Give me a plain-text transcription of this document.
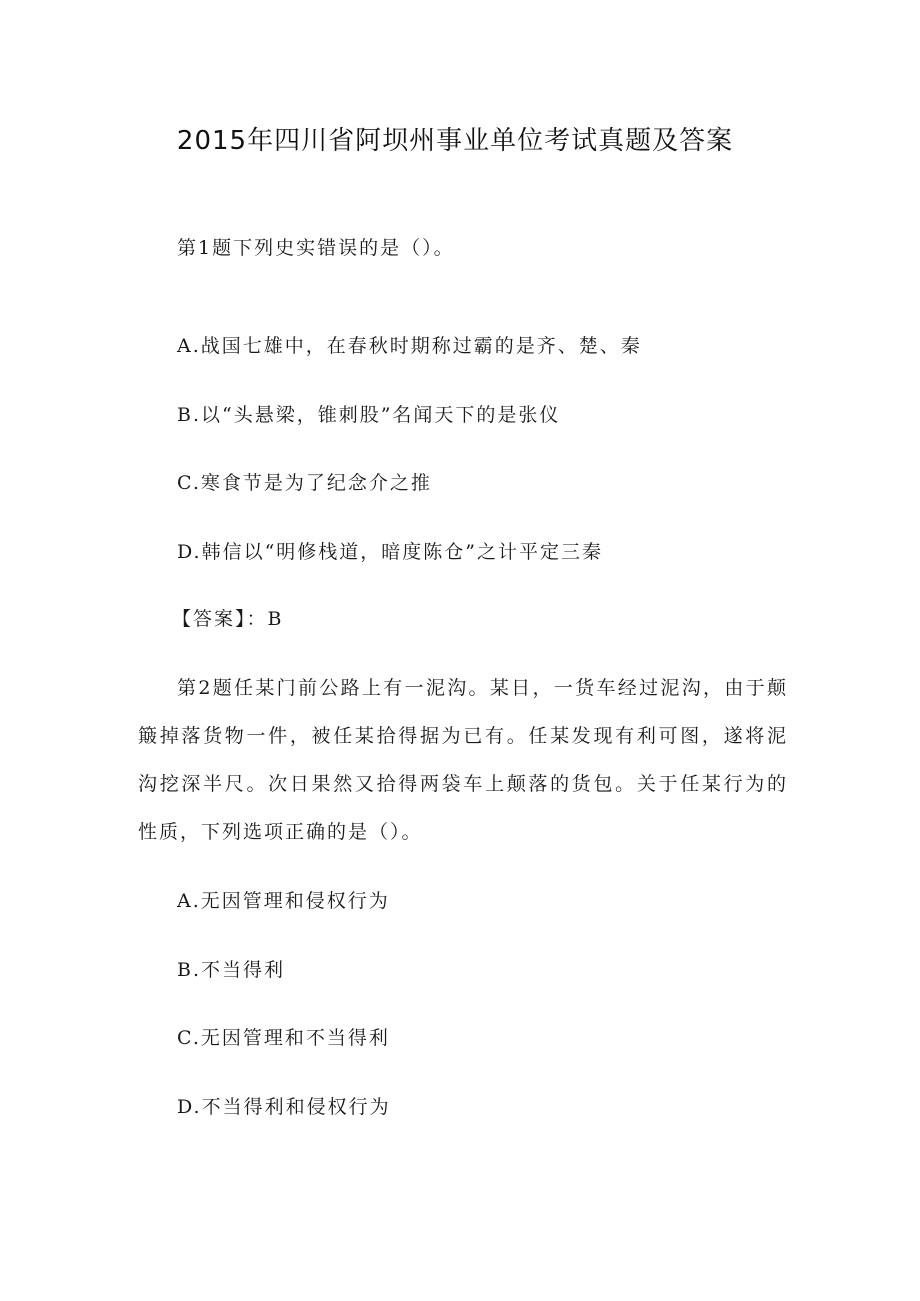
2015年四川省阿坝州事业单位考试真题及答案
第1题下列史实错误的是（）。
A.战国七雄中，在春秋时期称过霸的是齐、楚、秦
B.以“头悬梁，锥刺股”名闻天下的是张仪
C.寒食节是为了纪念介之推
D.韩信以“明修栈道，暗度陈仓”之计平定三秦
【答案】：B
第2题任某门前公路上有一泥沟。某日，一货车经过泥沟，由于颠簸掉落货物一件，被任某拾得据为已有。任某发现有利可图，遂将泥沟挖深半尺。次日果然又拾得两袋车上颠落的货包。关于任某行为的性质，下列选项正确的是（）。
A.无因管理和侵权行为
B.不当得利
C.无因管理和不当得利
D.不当得利和侵权行为
